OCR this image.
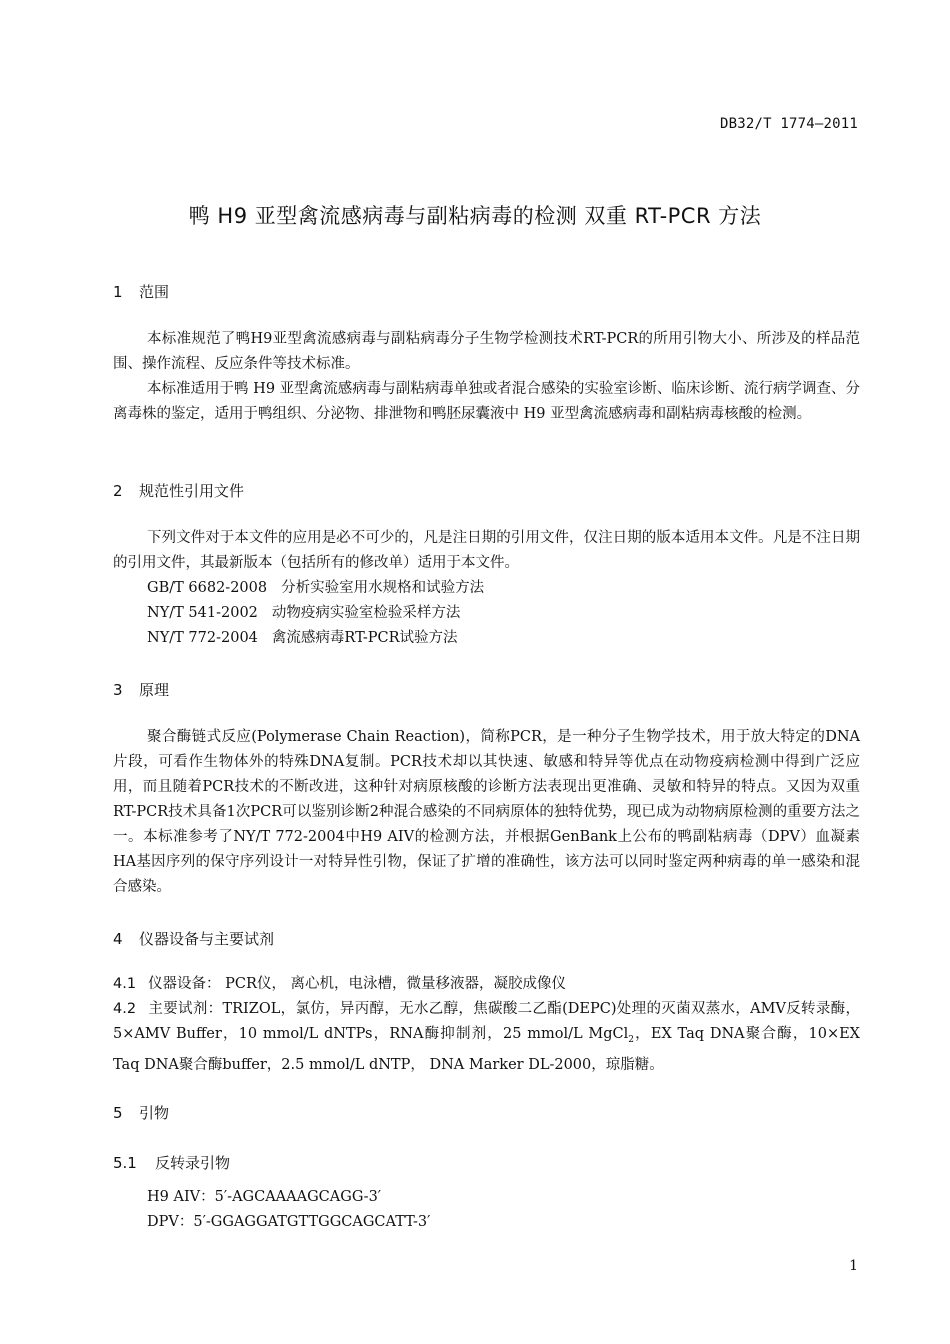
DB32/T 1774—2011
鸭 H9 亚型禽流感病毒与副粘病毒的检测 双重 RT-PCR 方法
1 范围

本标准规范了鸭H9亚型禽流感病毒与副粘病毒分子生物学检测技术RT-PCR的所用引物大小、所涉及的样品范围、操作流程、反应条件等技术标准。

本标准适用于鸭 H9 亚型禽流感病毒与副粘病毒单独或者混合感染的实验室诊断、临床诊断、流行病学调查、分离毒株的鉴定，适用于鸭组织、分泌物、排泄物和鸭胚尿囊液中 H9 亚型禽流感病毒和副粘病毒核酸的检测。

2 规范性引用文件

下列文件对于本文件的应用是必不可少的，凡是注日期的引用文件，仅注日期的版本适用本文件。凡是不注日期的引用文件，其最新版本（包括所有的修改单）适用于本文件。

GB/T 6682-2008 分析实验室用水规格和试验方法
NY/T 541-2002 动物疫病实验室检验采样方法
NY/T 772-2004 禽流感病毒RT-PCR试验方法
3 原理

聚合酶链式反应(Polymerase Chain Reaction)，简称PCR，是一种分子生物学技术，用于放大特定的DNA片段，可看作生物体外的特殊DNA复制。PCR技术却以其快速、敏感和特异等优点在动物疫病检测中得到广泛应用，而且随着PCR技术的不断改进，这种针对病原核酸的诊断方法表现出更准确、灵敏和特异的特点。又因为双重RT-PCR技术具备1次PCR可以鉴别诊断2种混合感染的不同病原体的独特优势，现已成为动物病原检测的重要方法之一。本标准参考了NY/T 772-2004中H9 AIV的检测方法，并根据GenBank上公布的鸭副粘病毒（DPV）血凝素HA基因序列的保守序列设计一对特异性引物，保证了扩增的准确性，该方法可以同时鉴定两种病毒的单一感染和混合感染。

4 仪器设备与主要试剂

4.1 仪器设备： PCR仪， 离心机，电泳槽，微量移液器，凝胶成像仪

4.2 主要试剂：TRIZOL，氯仿，异丙醇，无水乙醇，焦碳酸二乙酯(DEPC)处理的灭菌双蒸水，AMV反转录酶，5×AMV Buffer，10 mmol/L dNTPs，RNA酶抑制剂，25 mmol/L MgCl$_2$，EX Taq DNA聚合酶，10×EX Taq DNA聚合酶buffer，2.5 mmol/L dNTP， DNA Marker DL-2000，琼脂糖。

5 引物
5.1 反转录引物
H9 AIV：5′-AGCAAAAGCAGG-3′
DPV：5′-GGAGGATGTTGGCAGCATT-3′
1
